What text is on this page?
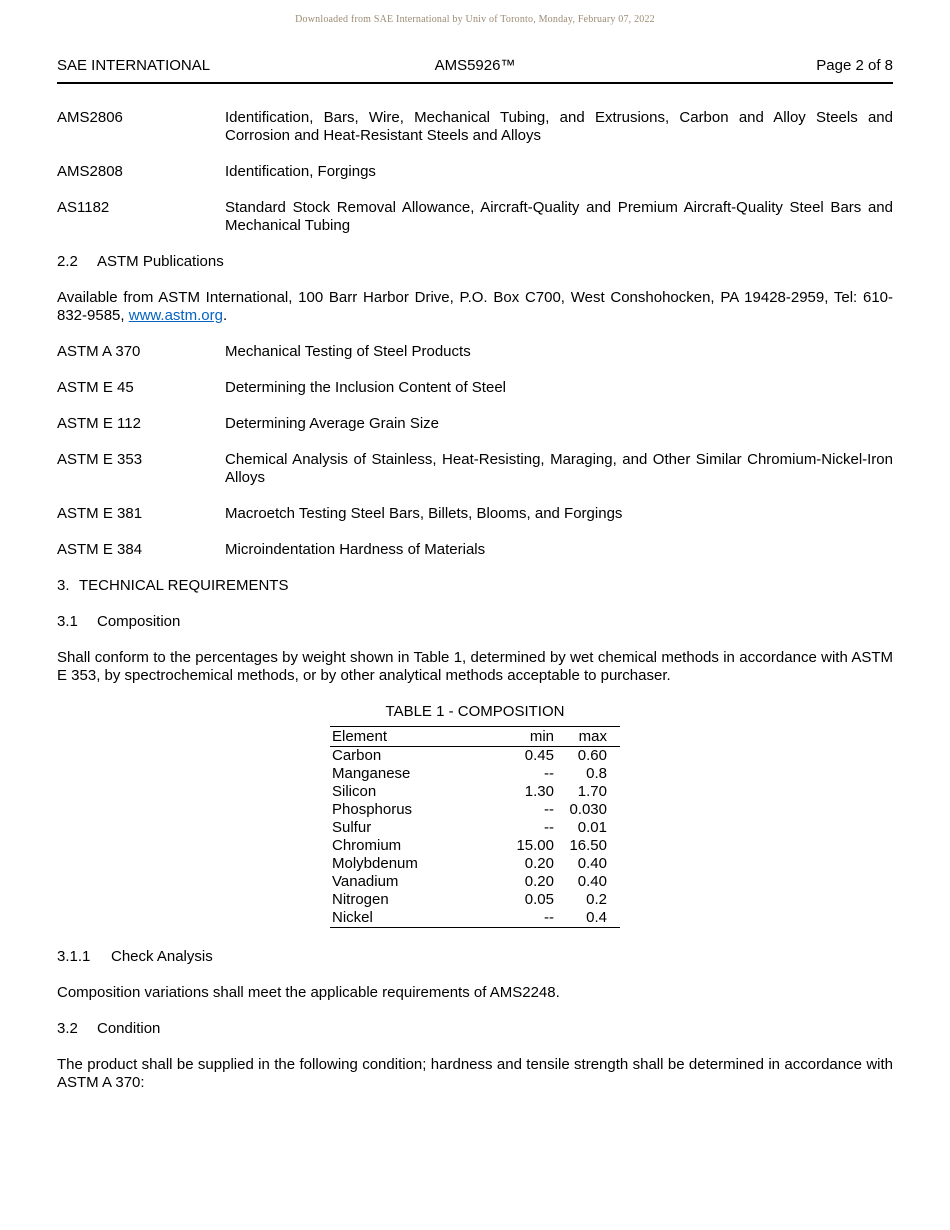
Downloaded from SAE International by Univ of Toronto, Monday, February 07, 2022
SAE INTERNATIONAL	AMS5926™	Page 2 of 8
AMS2806	Identification, Bars, Wire, Mechanical Tubing, and Extrusions, Carbon and Alloy Steels and Corrosion and Heat-Resistant Steels and Alloys
AMS2808	Identification, Forgings
AS1182	Standard Stock Removal Allowance, Aircraft-Quality and Premium Aircraft-Quality Steel Bars and Mechanical Tubing
2.2 ASTM Publications

Available from ASTM International, 100 Barr Harbor Drive, P.O. Box C700, West Conshohocken, PA 19428-2959, Tel: 610-832-9585, www.astm.org.

ASTM A 370	Mechanical Testing of Steel Products
ASTM E 45	Determining the Inclusion Content of Steel
ASTM E 112	Determining Average Grain Size
ASTM E 353	Chemical Analysis of Stainless, Heat-Resisting, Maraging, and Other Similar Chromium-Nickel-Iron Alloys
ASTM E 381	Macroetch Testing Steel Bars, Billets, Blooms, and Forgings
ASTM E 384	Microindentation Hardness of Materials
3. TECHNICAL REQUIREMENTS
3.1 Composition

Shall conform to the percentages by weight shown in Table 1, determined by wet chemical methods in accordance with ASTM E 353, by spectrochemical methods, or by other analytical methods acceptable to purchaser.

TABLE 1 - COMPOSITION
Element	min	max
Carbon	0.45	0.60
Manganese	--	0.8
Silicon	1.30	1.70
Phosphorus	--	0.030
Sulfur	--	0.01
Chromium	15.00	16.50
Molybdenum	0.20	0.40
Vanadium	0.20	0.40
Nitrogen	0.05	0.2
Nickel	--	0.4
3.1.1 Check Analysis

Composition variations shall meet the applicable requirements of AMS2248.

3.2 Condition

The product shall be supplied in the following condition; hardness and tensile strength shall be determined in accordance with ASTM A 370:
